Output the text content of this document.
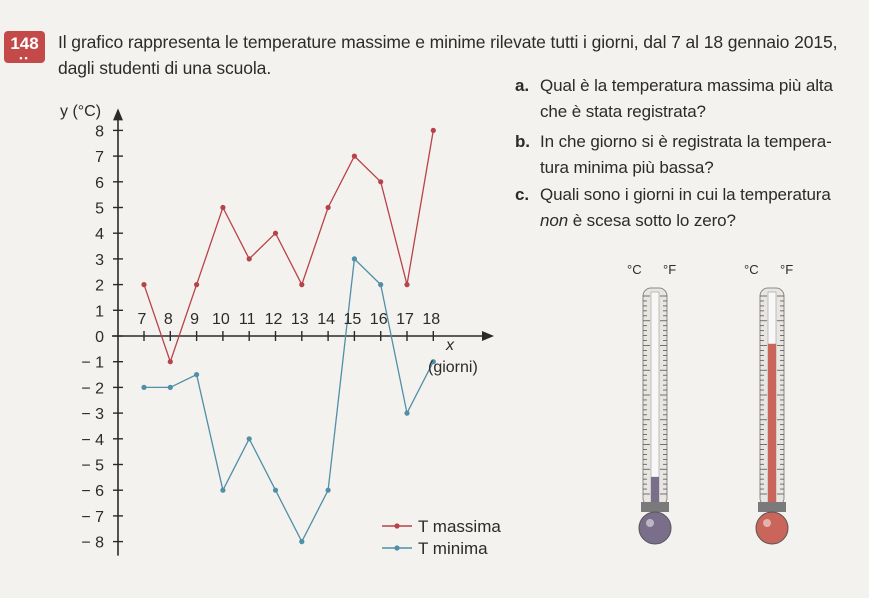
148
••
Il grafico rappresenta le temperature massime e minime rilevate tutti i giorni, dal 7 al 18 gennaio 2015,
dagli studenti di una scuola.
a. Qual è la temperatura massima più alta
che è stata registrata?
b. In che giorno si è registrata la tempera-
tura minima più bassa?
c. Quali sono i giorni in cui la temperatura
non è scesa sotto lo zero?
8
7
6
5
4
3
2
1
0
− 1
− 2
− 3
− 4
− 5
− 6
− 7
− 8
7 8 9 10 11 12 13 14 15 16 17 18
y (°C)
x
(giorni)
T massima
T minima
°C °F	°C °F
